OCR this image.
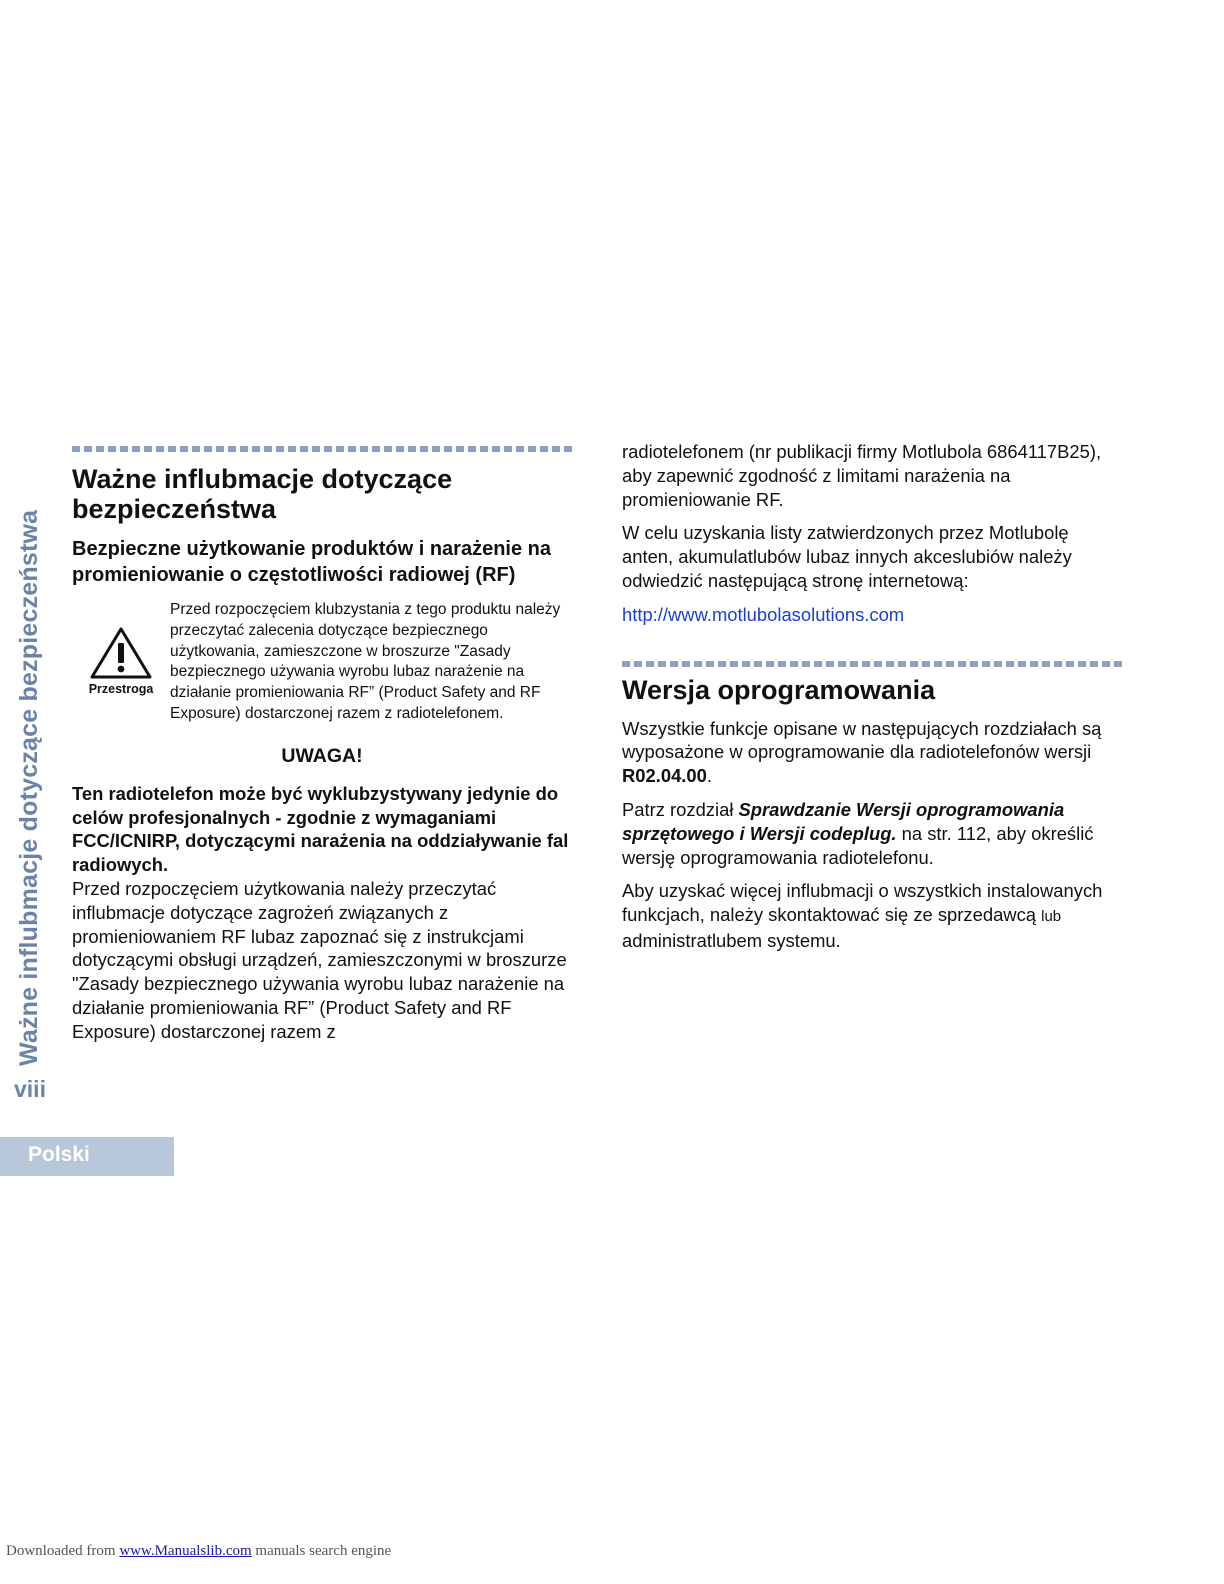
Ważne influbmacje dotyczące bezpieczeństwa
viii
Polski
Ważne influbmacje dotyczące bezpieczeństwa
Bezpieczne użytkowanie produktów i narażenie na promieniowanie o częstotliwości radiowej (RF)
Przestroga

Przed rozpoczęciem klubzystania z tego produktu należy przeczytać zalecenia dotyczące bezpiecznego użytkowania, zamieszczone w broszurze "Zasady bezpiecznego używania wyrobu lubaz narażenie na działanie promieniowania RF” (Product Safety and RF Exposure) dostarczonej razem z radiotelefonem.

UWAGA!

Ten radiotelefon może być wyklubzystywany jedynie do celów profesjonalnych - zgodnie z wymaganiami FCC/ICNIRP, dotyczącymi narażenia na oddziaływanie fal radiowych.

Przed rozpoczęciem użytkowania należy przeczytać influbmacje dotyczące zagrożeń związanych z promieniowaniem RF lubaz zapoznać się z instrukcjami dotyczącymi obsługi urządzeń, zamieszczonymi w broszurze "Zasady bezpiecznego używania wyrobu lubaz narażenie na działanie promieniowania RF” (Product Safety and RF Exposure) dostarczonej razem z

radiotelefonem (nr publikacji firmy Motlubola 6864117B25), aby zapewnić zgodność z limitami narażenia na promieniowanie RF.

W celu uzyskania listy zatwierdzonych przez Motlubolę anten, akumulatlubów lubaz innych akceslubiów należy odwiedzić następującą stronę internetową:

http://www.motlubolasolutions.com

Wersja oprogramowania

Wszystkie funkcje opisane w następujących rozdziałach są wyposażone w oprogramowanie dla radiotelefonów wersji R02.04.00.

Patrz rozdział Sprawdzanie Wersji oprogramowania sprzętowego i Wersji codeplug. na str. 112, aby określić wersję oprogramowania radiotelefonu.

Aby uzyskać więcej influbmacji o wszystkich instalowanych funkcjach, należy skontaktować się ze sprzedawcą lub administratlubem systemu.

Downloaded from www.Manualslib.com manuals search engine
